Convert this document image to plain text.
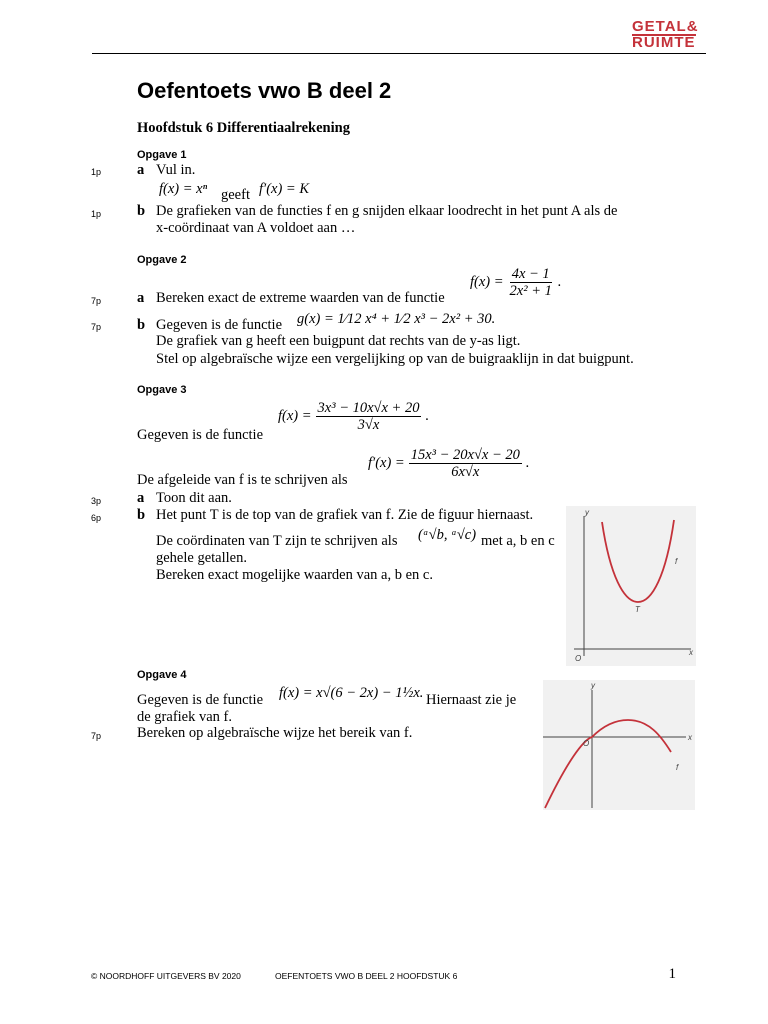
GETAL&
RUIMTE
Oefentoets vwo B deel 2
Hoofdstuk 6 Differentiaalrekening
Opgave 1
1p a Vul in.
f(x) = xⁿ geeft f′(x) = K
1p b De grafieken van de functies f en g snijden elkaar loodrecht in het punt A als de
x-coördinaat van A voldoet aan …
Opgave 2
7p a Bereken exact de extreme waarden van de functie
$f(x) = \frac{4x - 1}{\text{2x² + 1}}$ .
7p b Gegeven is de functie g(x) = 1⁄12 x⁴ + 1⁄2 x³ − 2x² + 30.
De grafiek van g heeft een buigpunt dat rechts van de y-as ligt.
Stel op algebraïsche wijze een vergelijking op van de buigraaklijn in dat buigpunt.
Opgave 3
Gegeven is de functie
$f(x) = \frac{\text{3x³ − 10x√x + 20}}{3√x}$ .
De afgeleide van f is te schrijven als
$f'(x) = \frac{\text{15x³ − 20x√x − 20}}{6x√x}$ .
3p a Toon dit aan.
6p b Het punt T is de top van de grafiek van f. Zie de figuur hiernaast.
De coördinaten van T zijn te schrijven als (ᵃ√b, ᵃ√c) met a, b en c
gehele getallen.
Bereken exact mogelijke waarden van a, b en c.
y
x
O
f
T
Opgave 4
Gegeven is de functie f(x) = x√(6 − 2x) − 1½x. Hiernaast zie je
de grafiek van f.
7p Bereken op algebraïsche wijze het bereik van f.
y
x
O
f
© NOORDHOFF UITGEVERS BV 2020	OEFENTOETS VWO B DEEL 2 HOOFDSTUK 6	1
